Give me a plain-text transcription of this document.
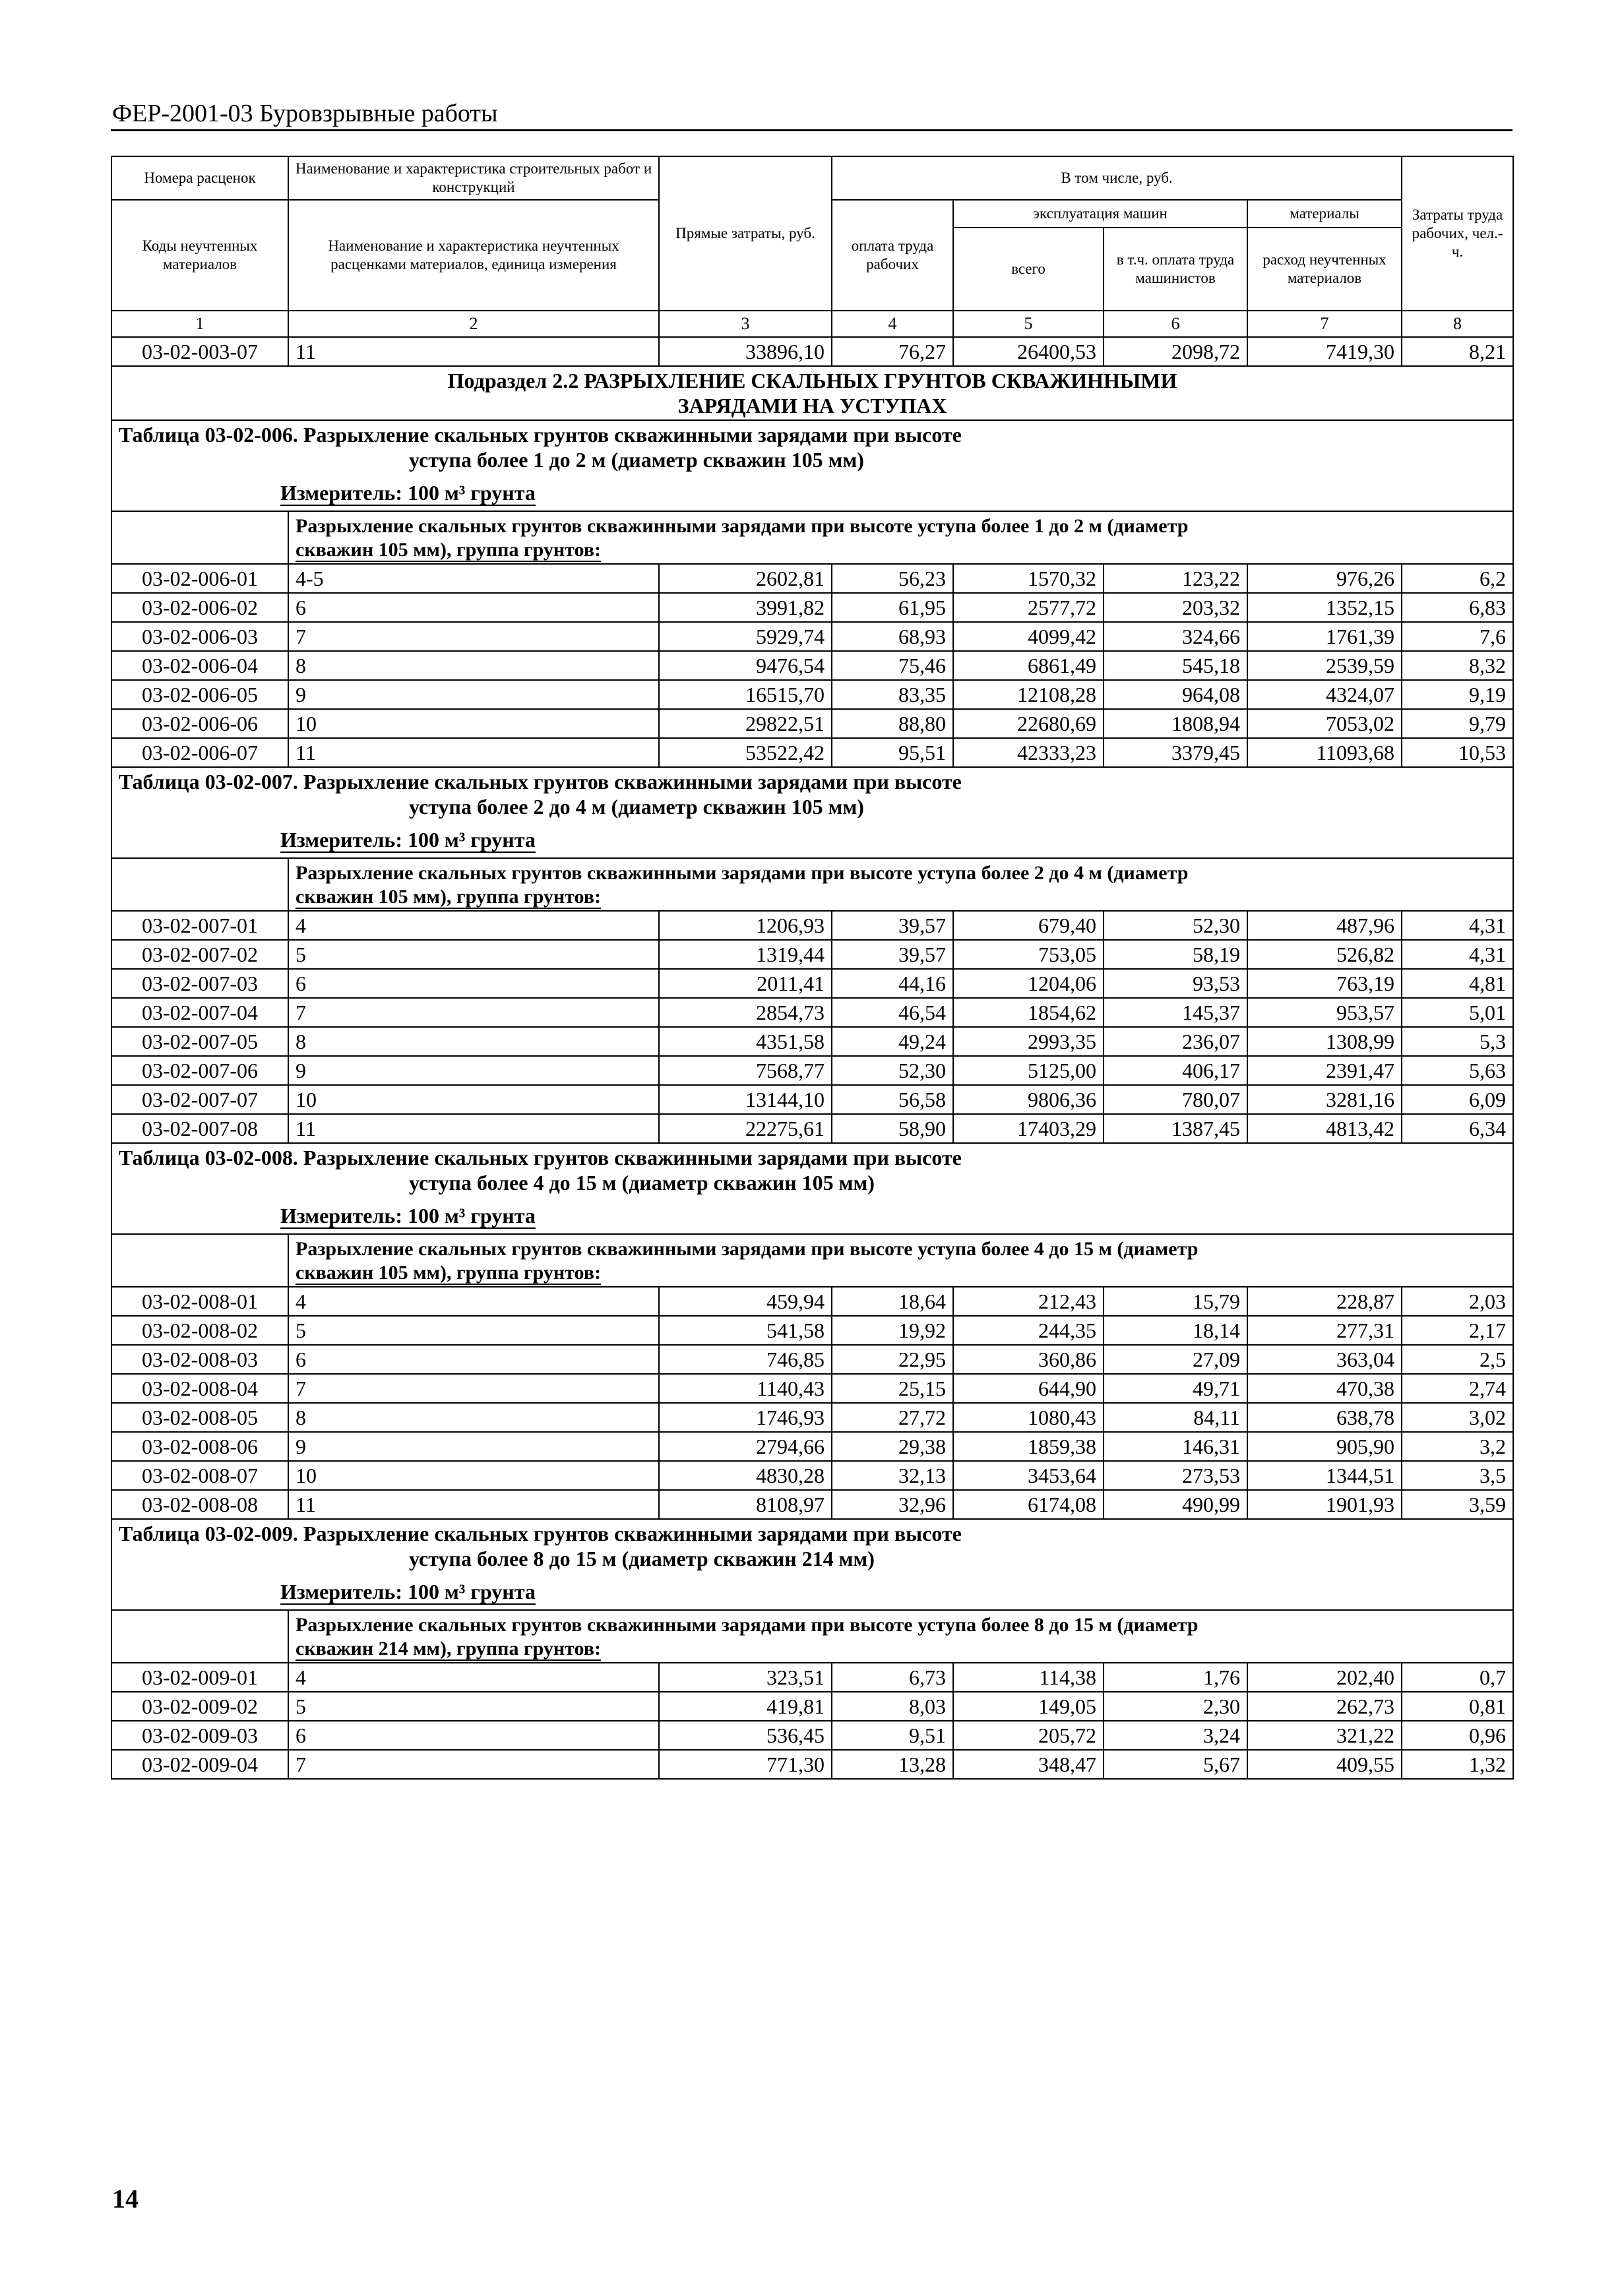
ФЕР-2001-03 Буровзрывные работы
Номера расценок	Наименование и характеристика строительных работ и конструкций	Прямые затраты, руб.	В том числе, руб.				Затраты труда рабочих, чел.-ч.
Коды неучтенных материалов	Наименование и характеристика неучтенных расценками материалов, единица измерения		оплата труда рабочих	эксплуатация машин		материалы	
				всего	в т.ч. оплата труда машинистов	расход неучтенных материалов	
1	2	3	4	5	6	7	8
03-02-003-07	11	33896,10	76,27	26400,53	2098,72	7419,30	8,21
Подраздел 2.2 РАЗРЫХЛЕНИЕ СКАЛЬНЫХ ГРУНТОВ СКВАЖИННЫМИ
ЗАРЯДАМИ НА УСТУПАХ							

Таблица 03-02-006. Разрыхление скальных грунтов скважинными зарядами при высоте
уступа более 1 до 2 м (диаметр скважин 105 мм)
Измеритель: 100 м³ грунта							

	Разрыхление скальных грунтов скважинными зарядами при высоте уступа более 1 до 2 м (диаметр
скважин 105 мм), группа грунтов:						
03-02-006-01	4-5	2602,81	56,23	1570,32	123,22	976,26	6,2
03-02-006-02	6	3991,82	61,95	2577,72	203,32	1352,15	6,83
03-02-006-03	7	5929,74	68,93	4099,42	324,66	1761,39	7,6
03-02-006-04	8	9476,54	75,46	6861,49	545,18	2539,59	8,32
03-02-006-05	9	16515,70	83,35	12108,28	964,08	4324,07	9,19
03-02-006-06	10	29822,51	88,80	22680,69	1808,94	7053,02	9,79
03-02-006-07	11	53522,42	95,51	42333,23	3379,45	11093,68	10,53

Таблица 03-02-007. Разрыхление скальных грунтов скважинными зарядами при высоте
уступа более 2 до 4 м (диаметр скважин 105 мм)
Измеритель: 100 м³ грунта							

	Разрыхление скальных грунтов скважинными зарядами при высоте уступа более 2 до 4 м (диаметр
скважин 105 мм), группа грунтов:						
03-02-007-01	4	1206,93	39,57	679,40	52,30	487,96	4,31
03-02-007-02	5	1319,44	39,57	753,05	58,19	526,82	4,31
03-02-007-03	6	2011,41	44,16	1204,06	93,53	763,19	4,81
03-02-007-04	7	2854,73	46,54	1854,62	145,37	953,57	5,01
03-02-007-05	8	4351,58	49,24	2993,35	236,07	1308,99	5,3
03-02-007-06	9	7568,77	52,30	5125,00	406,17	2391,47	5,63
03-02-007-07	10	13144,10	56,58	9806,36	780,07	3281,16	6,09
03-02-007-08	11	22275,61	58,90	17403,29	1387,45	4813,42	6,34

Таблица 03-02-008. Разрыхление скальных грунтов скважинными зарядами при высоте
уступа более 4 до 15 м (диаметр скважин 105 мм)
Измеритель: 100 м³ грунта							

	Разрыхление скальных грунтов скважинными зарядами при высоте уступа более 4 до 15 м (диаметр
скважин 105 мм), группа грунтов:						
03-02-008-01	4	459,94	18,64	212,43	15,79	228,87	2,03
03-02-008-02	5	541,58	19,92	244,35	18,14	277,31	2,17
03-02-008-03	6	746,85	22,95	360,86	27,09	363,04	2,5
03-02-008-04	7	1140,43	25,15	644,90	49,71	470,38	2,74
03-02-008-05	8	1746,93	27,72	1080,43	84,11	638,78	3,02
03-02-008-06	9	2794,66	29,38	1859,38	146,31	905,90	3,2
03-02-008-07	10	4830,28	32,13	3453,64	273,53	1344,51	3,5
03-02-008-08	11	8108,97	32,96	6174,08	490,99	1901,93	3,59

Таблица 03-02-009. Разрыхление скальных грунтов скважинными зарядами при высоте
уступа более 8 до 15 м (диаметр скважин 214 мм)
Измеритель: 100 м³ грунта							

	Разрыхление скальных грунтов скважинными зарядами при высоте уступа более 8 до 15 м (диаметр
скважин 214 мм), группа грунтов:						
03-02-009-01	4	323,51	6,73	114,38	1,76	202,40	0,7
03-02-009-02	5	419,81	8,03	149,05	2,30	262,73	0,81
03-02-009-03	6	536,45	9,51	205,72	3,24	321,22	0,96
03-02-009-04	7	771,30	13,28	348,47	5,67	409,55	1,32
14
